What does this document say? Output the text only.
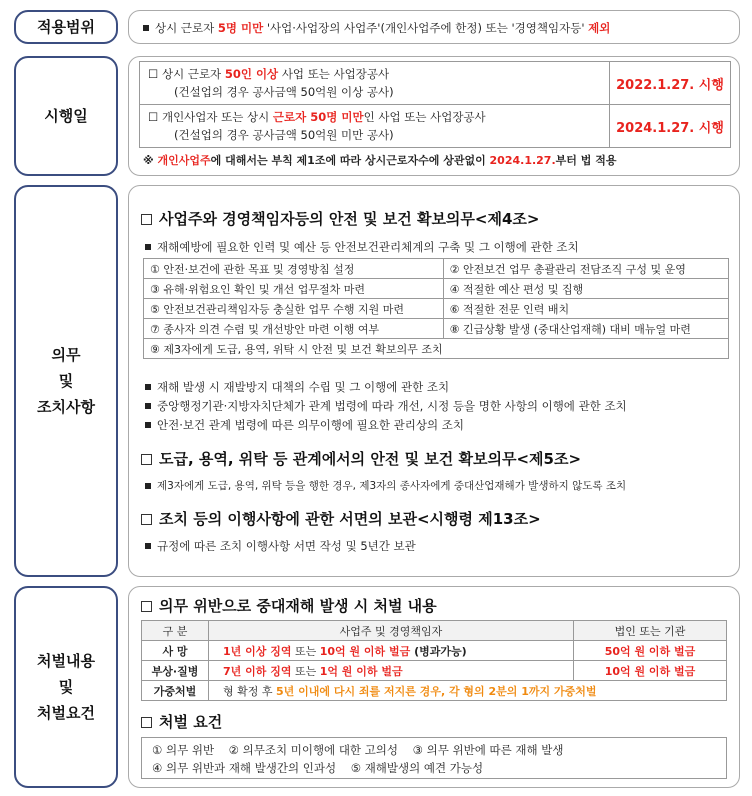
적용범위	상시 근로자 5명 미만 '사업·사업장의 사업주'(개인사업주에 한정) 또는 '경영책임자등' 제외
시행일
☐ 상시 근로자 50인 이상 사업 또는 사업장공사
(건설업의 경우 공사금액 50억원 이상 공사)	2022.1.27. 시행
☐ 개인사업자 또는 상시 근로자 50명 미만인 사업 또는 사업장공사
(건설업의 경우 공사금액 50억원 미만 공사)	2024.1.27. 시행
※ 개인사업주에 대해서는 부칙 제1조에 따라 상시근로자수에 상관없이 2024.1.27.부터 법 적용
의무
및
조치사항
사업주와 경영책임자등의 안전 및 보건 확보의무<제4조>
재해예방에 필요한 인력 및 예산 등 안전보건관리체계의 구축 및 그 이행에 관한 조치
① 안전·보건에 관한 목표 및 경영방침 설정	② 안전보건 업무 총괄관리 전담조직 구성 및 운영
③ 유해·위험요인 확인 및 개선 업무절차 마련	④ 적절한 예산 편성 및 집행
⑤ 안전보건관리책임자등 충실한 업무 수행 지원 마련	⑥ 적절한 전문 인력 배치
⑦ 종사자 의견 수렴 및 개선방안 마련 이행 여부	⑧ 긴급상황 발생 (중대산업재해) 대비 매뉴얼 마련
⑨ 제3자에게 도급, 용역, 위탁 시 안전 및 보건 확보의무 조치	
재해 발생 시 재발방지 대책의 수립 및 그 이행에 관한 조치
중앙행정기관·지방자치단체가 관계 법령에 따라 개선, 시정 등을 명한 사항의 이행에 관한 조치
안전·보건 관계 법령에 따른 의무이행에 필요한 관리상의 조치
도급, 용역, 위탁 등 관계에서의 안전 및 보건 확보의무<제5조>
제3자에게 도급, 용역, 위탁 등을 행한 경우, 제3자의 종사자에게 중대산업재해가 발생하지 않도록 조치
조치 등의 이행사항에 관한 서면의 보관<시행령 제13조>
규정에 따른 조치 이행사항 서면 작성 및 5년간 보관
처벌내용
및
처벌요건
의무 위반으로 중대재해 발생 시 처벌 내용
구 분	사업주 및 경영책임자	법인 또는 기관
사 망	1년 이상 징역 또는 10억 원 이하 벌금 (병과가능)	50억 원 이하 벌금
부상·질병	7년 이하 징역 또는 1억 원 이하 벌금	10억 원 이하 벌금
가중처벌	형 확정 후 5년 이내에 다시 죄를 저지른 경우, 각 형의 2분의 1까지 가중처벌	
처벌 요건
① 의무 위반    ② 의무조치 미이행에 대한 고의성    ③ 의무 위반에 따른 재해 발생
④ 의무 위반과 재해 발생간의 인과성    ⑤ 재해발생의 예견 가능성
